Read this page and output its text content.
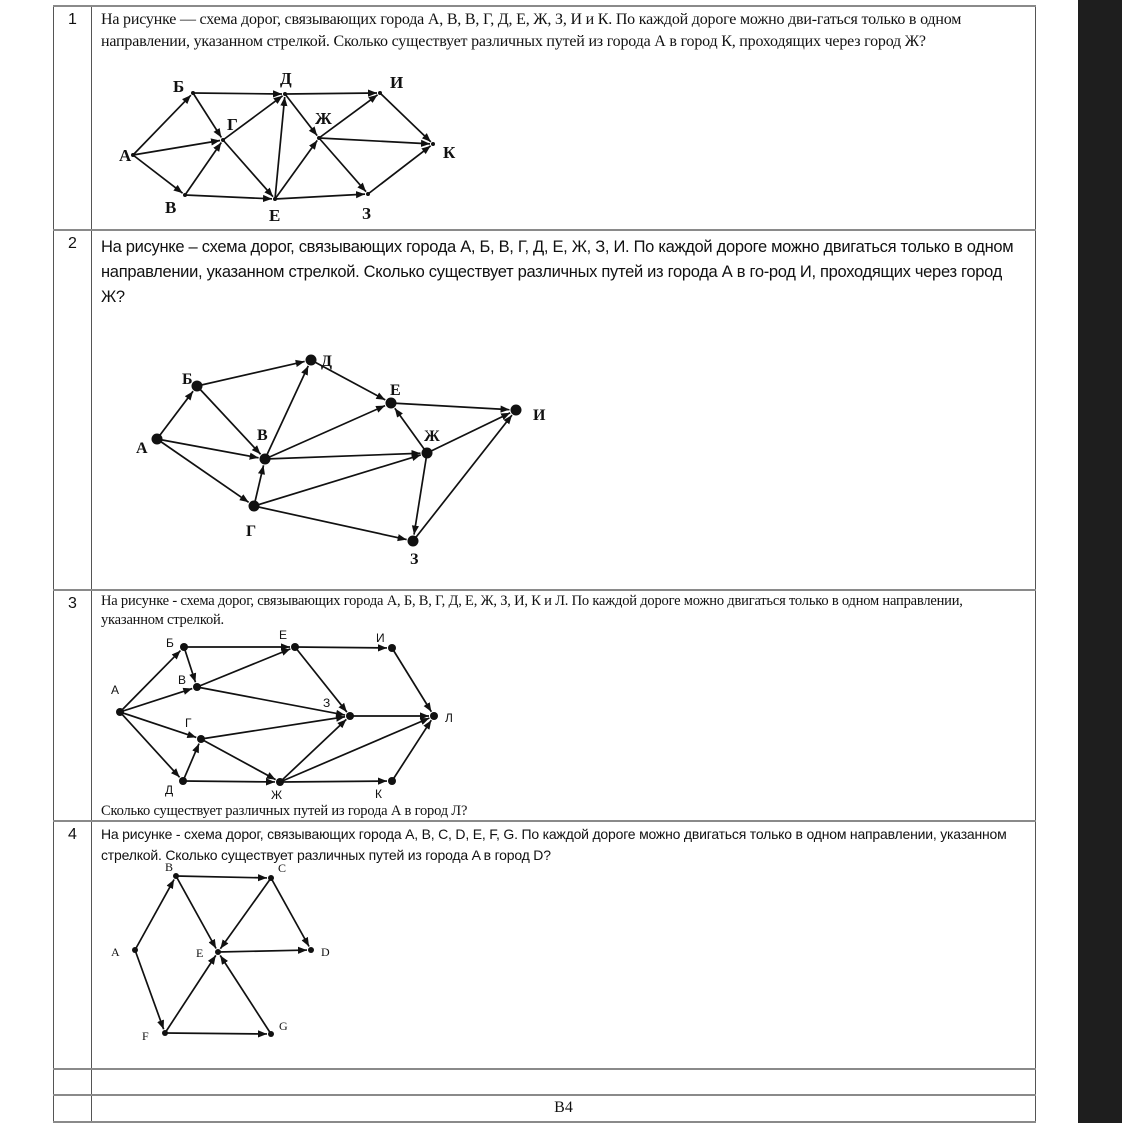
1	На рисунке — схема дорог, связывающих города А, В, В, Г, Д, Е, Ж, З, И и К. По каждой дороге можно дви-гаться только в одном направлении, указанном стрелкой. Сколько существует различных путей из города А в город К, проходящих через город Ж?

А
Б
В
Г
Д
Е
Ж
И
З
К
2	На рисунке – схема дорог, связывающих города А, Б, В, Г, Д, Е, Ж, З, И. По каждой дороге можно двигаться только в одном направлении, указанном стрелкой. Сколько существует различных путей из города А в го-род И, проходящих через город Ж?

А
Б
В
Г
Д
Е
Ж
З
И
3	На рисунке - схема дорог, связывающих города А, Б, В, Г, Д, Е, Ж, З, И, К и Л. По каждой дороге можно двигаться только в одном направлении, указанном стрелкой.

А
Б
В
Г
Д
Е
Ж
З
И
К
Л

Сколько существует различных путей из города А в город Л?

4	На рисунке - схема дорог, связывающих города A, B, C, D, E, F, G. По каждой дороге можно двигаться только в одном направлении, указанном стрелкой. Сколько существует различных путей из города A в город D?

A
B	C
D
E
F
G
B4
